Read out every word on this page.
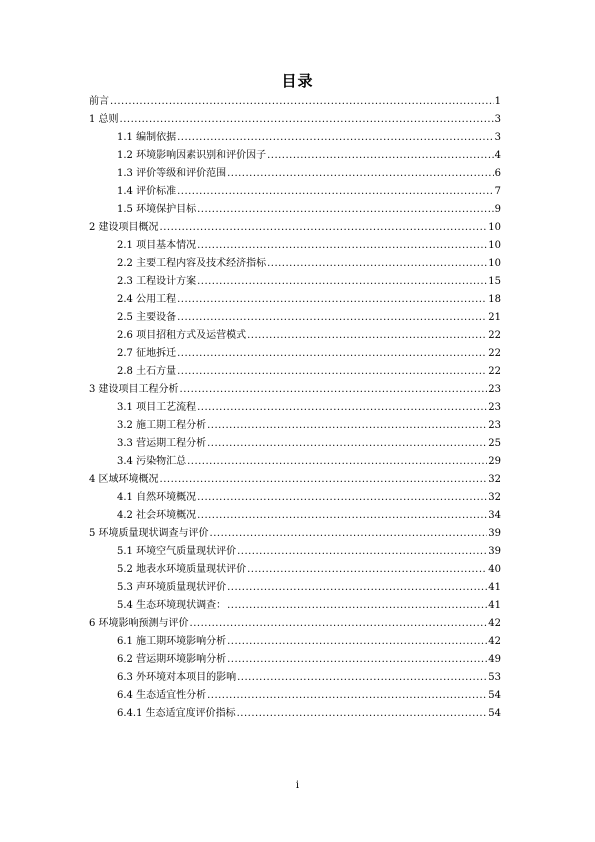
目录
前言 .....	1
1 总则 .....	3
1.1 编制依据 .....	3
1.2 环境影响因素识别和评价因子 .....	4
1.3 评价等级和评价范围 .....	6
1.4 评价标准 .....	7
1.5 环境保护目标 .....	9
2 建设项目概况 .....	10
2.1 项目基本情况 .....	10
2.2 主要工程内容及技术经济指标 .....	10
2.3 工程设计方案 .....	15
2.4 公用工程 .....	18
2.5 主要设备 .....	21
2.6 项目招租方式及运营模式 .....	22
2.7 征地拆迁 .....	22
2.8 土石方量 .....	22
3 建设项目工程分析 .....	23
3.1 项目工艺流程 .....	23
3.2 施工期工程分析 .....	23
3.3 营运期工程分析 .....	25
3.4 污染物汇总 .....	29
4 区域环境概况 .....	32
4.1 自然环境概况 .....	32
4.2 社会环境概况 .....	34
5 环境质量现状调查与评价 .....	39
5.1 环境空气质量现状评价 .....	39
5.2 地表水环境质量现状评价 .....	40
5.3 声环境质量现状评价 .....	41
5.4 生态环境现状调查： .....	41
6 环境影响预测与评价 .....	42
6.1 施工期环境影响分析 .....	42
6.2 营运期环境影响分析 .....	49
6.3 外环境对本项目的影响 .....	53
6.4 生态适宜性分析 .....	54
6.4.1 生态适宜度评价指标 .....	54
i
